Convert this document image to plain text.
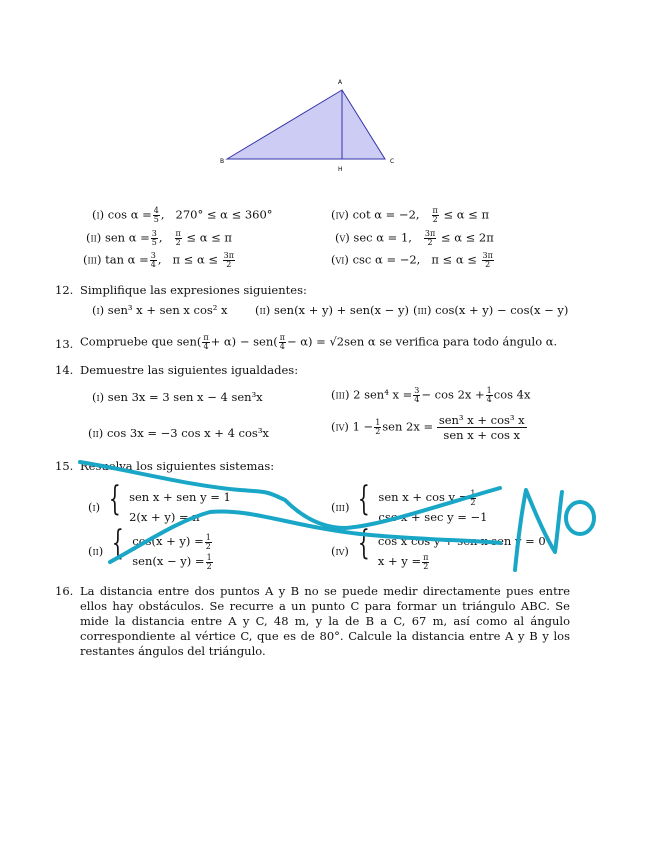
A
B	C
H
(i) $\cos \alpha = \frac{4}{5}$ ,   270° ≤ α ≤ 360°
(ii) sen $\alpha = \frac{3}{5}$ , $\frac{\pi}{2} \le \alpha \le \pi$
(iii) $\tan \alpha = \frac{3}{4}$ ,   $\pi \le \alpha \le \frac{3\pi}{2}$
(iv) cot α = −2, $\frac{\pi}{2} \le \alpha \le \pi$
(v) sec α = 1, $\frac{3\pi}{2} \le \alpha \le 2\pi$
(vi) csc α = −2, $\pi \le \alpha \le \frac{3\pi}{2}$
12. Simplifique las expresiones siguientes:
(i) sen³ x + sen x cos² x (ii) sen(x + y) + sen(x − y) (iii) cos(x + y) − cos(x − y)
13. Compruebe que $sen( \frac{\pi}{4} + \alpha) - sen( \frac{\pi}{4} - \alpha) = √2sen$ α se verifica para todo ángulo α.
14. Demuestre las siguientes igualdades:
(i) sen 3x = 3 sen x − 4 sen³x
(ii) cos 3x = −3 cos x + 4 cos³x
(iii) 2 sen⁴ $x = \frac{3}{4} - \cos 2x + \frac{1}{4}$ cos 4x
(iv) $1 - \frac{1}{2}$ sen 2x = sen³ x + cos³ x
sen x + cos x
15. Resuelva los siguientes sistemas:
(i) { sen x + sen y = 1
2(x + y) = π
(ii) { $\cos(x + y) = \frac{1}{2}$
$sen(x - y) = \frac{1}{2}$
(iii) { sen $x + \cos y = \frac{1}{2}$
csc x + sec y = −1
(iv) { cos x cos y + sen x sen y = 0
$x + y = \frac{\pi}{2}$
16. La distancia entre dos puntos A y B no se puede medir directamente pues entre ellos hay obstáculos. Se recurre a un punto C para formar un triángulo ABC. Se mide la distancia entre A y C, 48 m, y la de B a C, 67 m, así como al ángulo correspondiente al vértice C, que es de 80°. Calcule la distancia entre A y B y los restantes ángulos del triángulo.
No
